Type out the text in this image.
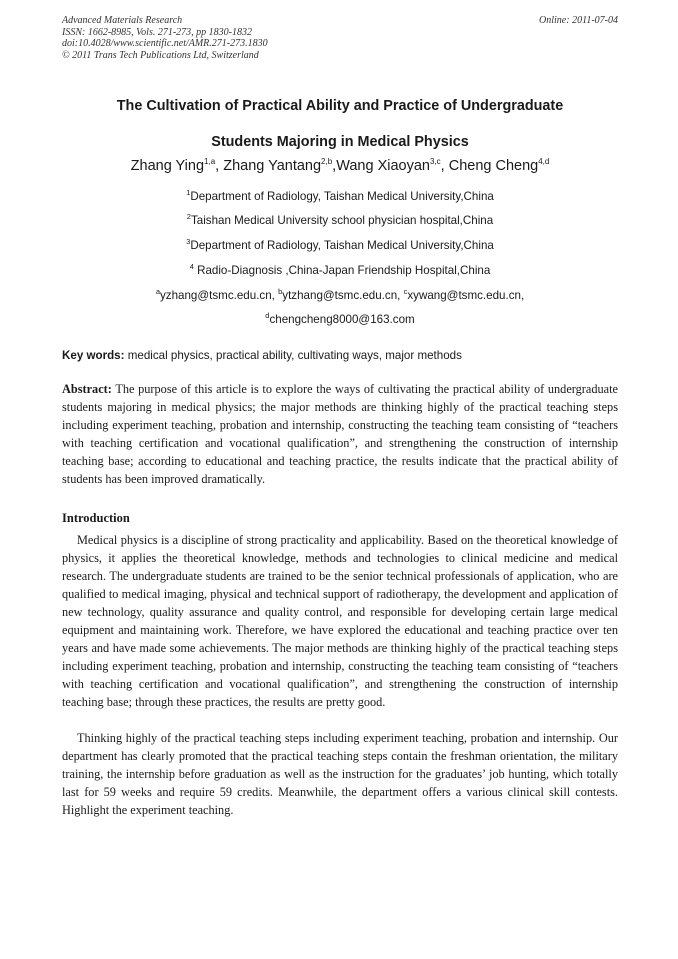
Advanced Materials Research
ISSN: 1662-8985, Vols. 271-273, pp 1830-1832
doi:10.4028/www.scientific.net/AMR.271-273.1830
© 2011 Trans Tech Publications Ltd, Switzerland
Online: 2011-07-04
The Cultivation of Practical Ability and Practice of Undergraduate
Students Majoring in Medical Physics
Zhang Ying$^{1,a}$, Zhang Yantang$^{2,b}$,Wang Xiaoyan$^{3,c}$, Cheng Cheng$^{4,d}$
$^1$Department of Radiology, Taishan Medical University,China
$^2$Taishan Medical University school physician hospital,China
$^3$Department of Radiology, Taishan Medical University,China
$^4$ Radio-Diagnosis ,China-Japan Friendship Hospital,China
$^a$yzhang@tsmc.edu.cn, $^b$ytzhang@tsmc.edu.cn, $^c$xywang@tsmc.edu.cn,
$^d$chengcheng8000@163.com
Key words: medical physics, practical ability, cultivating ways, major methods
Abstract: The purpose of this article is to explore the ways of cultivating the practical ability of undergraduate students majoring in medical physics; the major methods are thinking highly of the practical teaching steps including experiment teaching, probation and internship, constructing the teaching team consisting of “teachers with teaching certification and vocational qualification”, and strengthening the construction of internship teaching base; according to educational and teaching practice, the results indicate that the practical ability of students has been improved dramatically.
Introduction
Medical physics is a discipline of strong practicality and applicability. Based on the theoretical knowledge of physics, it applies the theoretical knowledge, methods and technologies to clinical medicine and medical research. The undergraduate students are trained to be the senior technical professionals of application, who are qualified to medical imaging, physical and technical support of radiotherapy, the development and application of new technology, quality assurance and quality control, and responsible for developing certain large medical equipment and maintaining work. Therefore, we have explored the educational and teaching practice over ten years and have made some achievements. The major methods are thinking highly of the practical teaching steps including experiment teaching, probation and internship, constructing the teaching team consisting of “teachers with teaching certification and vocational qualification”, and strengthening the construction of internship teaching base; through these practices, the results are pretty good.
Thinking highly of the practical teaching steps including experiment teaching, probation and internship. Our department has clearly promoted that the practical teaching steps contain the freshman orientation, the military training, the internship before graduation as well as the instruction for the graduates’ job hunting, which totally last for 59 weeks and require 59 credits. Meanwhile, the department offers a various clinical skill contests. Highlight the experiment teaching.
